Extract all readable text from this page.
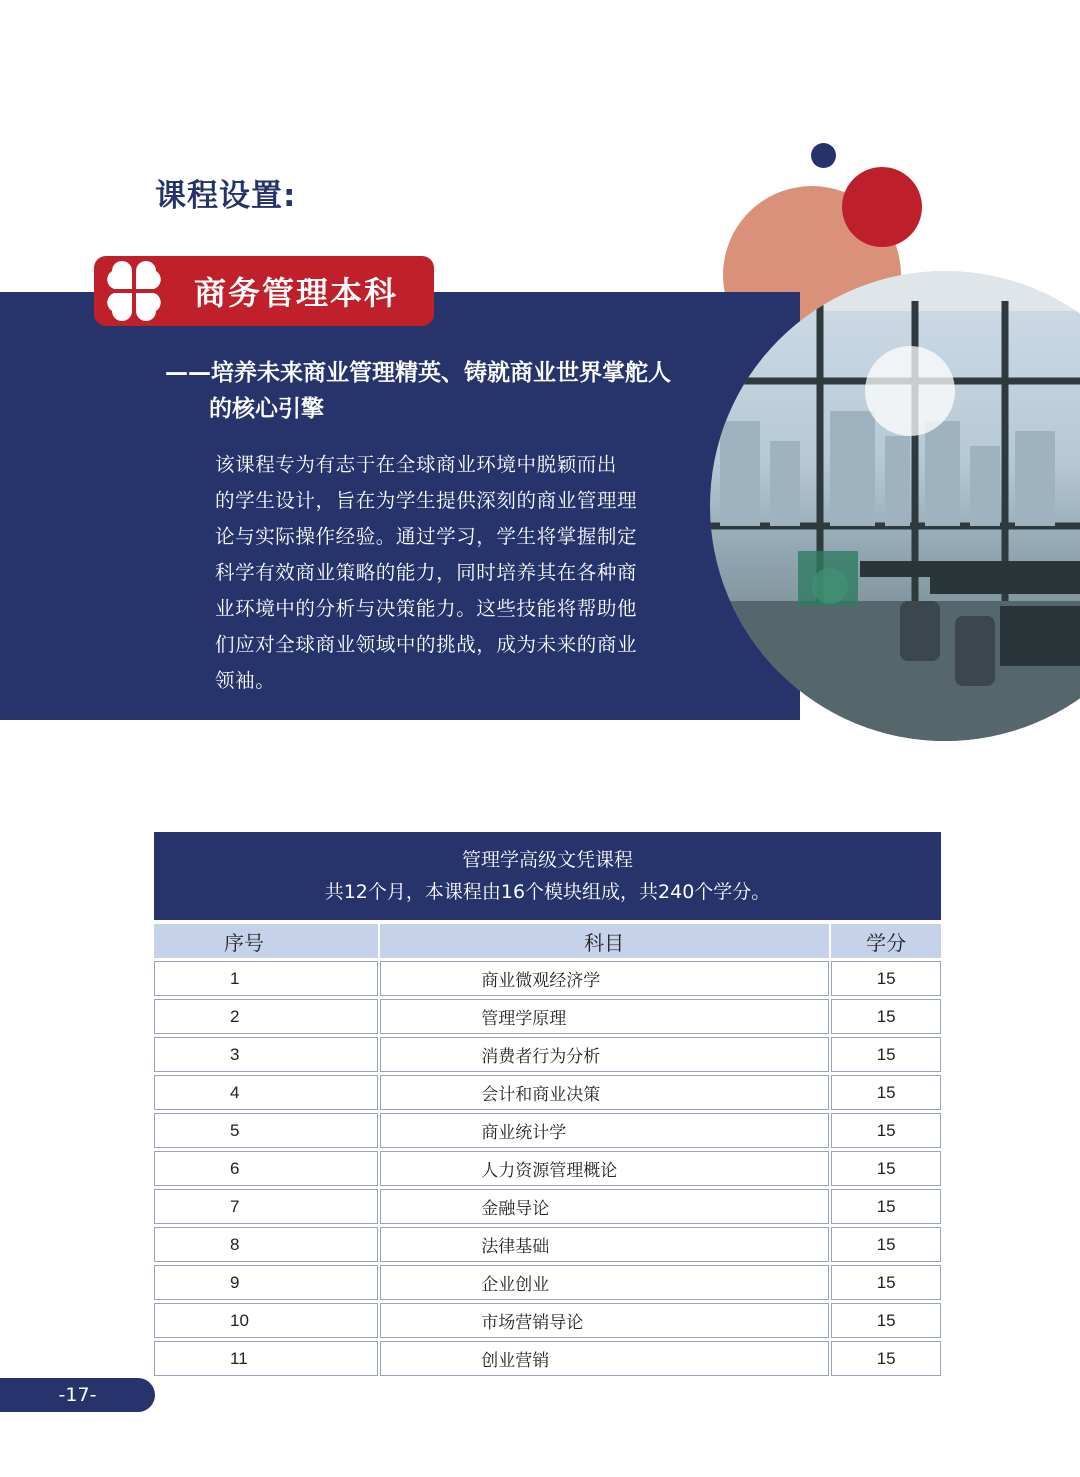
课程设置:
商务管理本科
——培养未来商业管理精英、铸就商业世界掌舵人
的核心引擎
该课程专为有志于在全球商业环境中脱颖而出
的学生设计，旨在为学生提供深刻的商业管理理
论与实际操作经验。通过学习，学生将掌握制定
科学有效商业策略的能力，同时培养其在各种商
业环境中的分析与决策能力。这些技能将帮助他
们应对全球商业领域中的挑战，成为未来的商业
领袖。
管理学高级文凭课程
共12个月，本课程由16个模块组成，共240个学分。
序号		科目		学分
1		商业微观经济学		15
2		管理学原理		15
3		消费者行为分析		15
4		会计和商业决策		15
5		商业统计学		15
6		人力资源管理概论		15
7		金融导论		15
8		法律基础		15
9		企业创业		15
10		市场营销导论		15
11		创业营销		15
-17-
